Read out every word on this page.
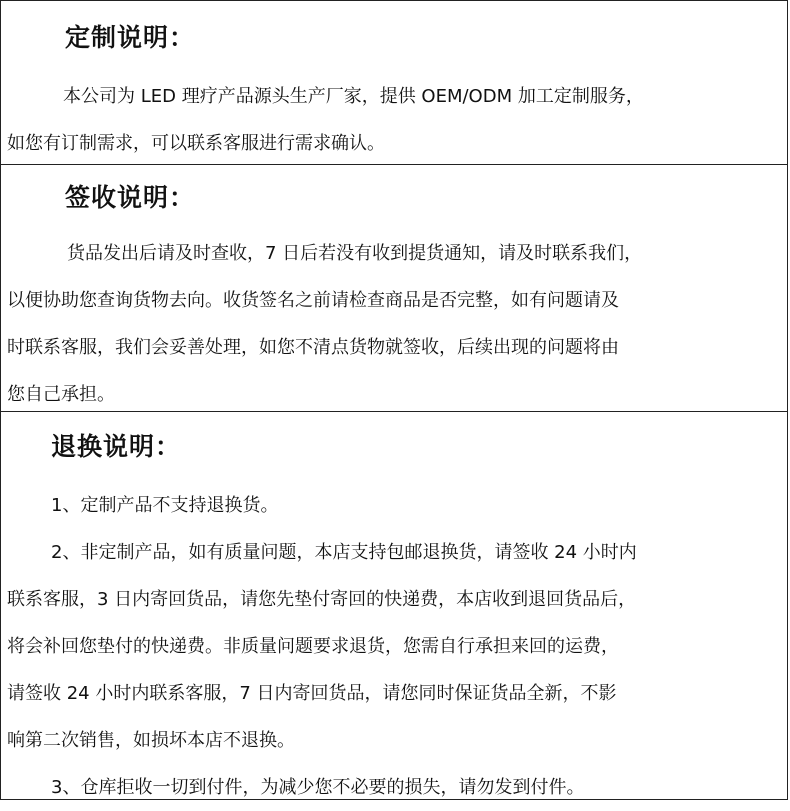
定制说明：
本公司为 LED 理疗产品源头生产厂家，提供 OEM/ODM 加工定制服务，
如您有订制需求，可以联系客服进行需求确认。
签收说明：
货品发出后请及时查收，7 日后若没有收到提货通知，请及时联系我们，
以便协助您查询货物去向。收货签名之前请检查商品是否完整，如有问题请及
时联系客服，我们会妥善处理，如您不清点货物就签收，后续出现的问题将由
您自己承担。
退换说明：
1、定制产品不支持退换货。
2、非定制产品，如有质量问题，本店支持包邮退换货，请签收 24 小时内
联系客服，3 日内寄回货品，请您先垫付寄回的快递费，本店收到退回货品后，
将会补回您垫付的快递费。非质量问题要求退货，您需自行承担来回的运费，
请签收 24 小时内联系客服，7 日内寄回货品，请您同时保证货品全新，不影
响第二次销售，如损坏本店不退换。
3、仓库拒收一切到付件，为减少您不必要的损失，请勿发到付件。
